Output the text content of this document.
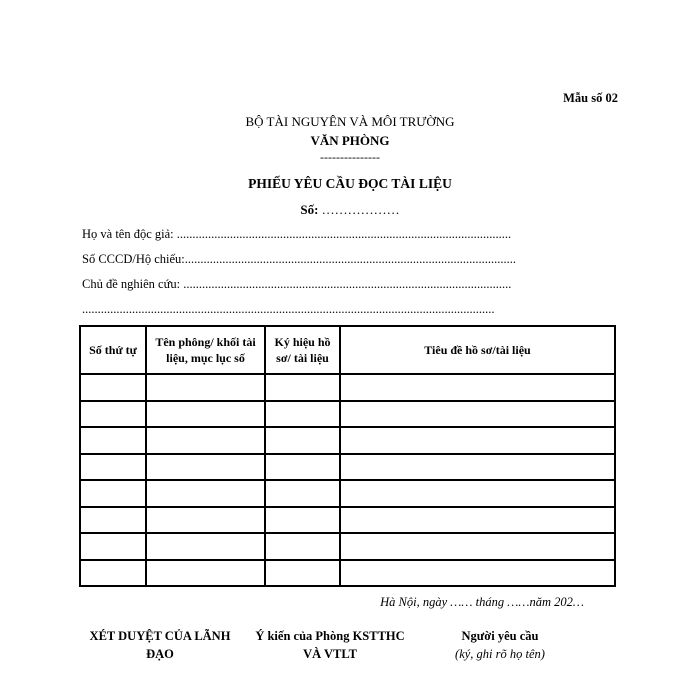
Mẫu số 02
BỘ TÀI NGUYÊN VÀ MÔI TRƯỜNG
VĂN PHÒNG
---------------
PHIẾU YÊU CẦU ĐỌC TÀI LIỆU
Số: ………………
Họ và tên độc giả: ...........................................................................................................
Số CCCD/Hộ chiếu:..........................................................................................................
Chủ đề nghiên cứu: .........................................................................................................
....................................................................................................................................
Số thứ tự	Tên phông/ khối tài liệu, mục lục số	Ký hiệu hồ sơ/ tài liệu	Tiêu đề hồ sơ/tài liệu

Hà Nội, ngày …… tháng ……năm 202…
XÉT DUYỆT CỦA LÃNH ĐẠO
Ý kiến của Phòng KSTTHC VÀ VTLT
Người yêu cầu
(ký, ghi rõ họ tên)
